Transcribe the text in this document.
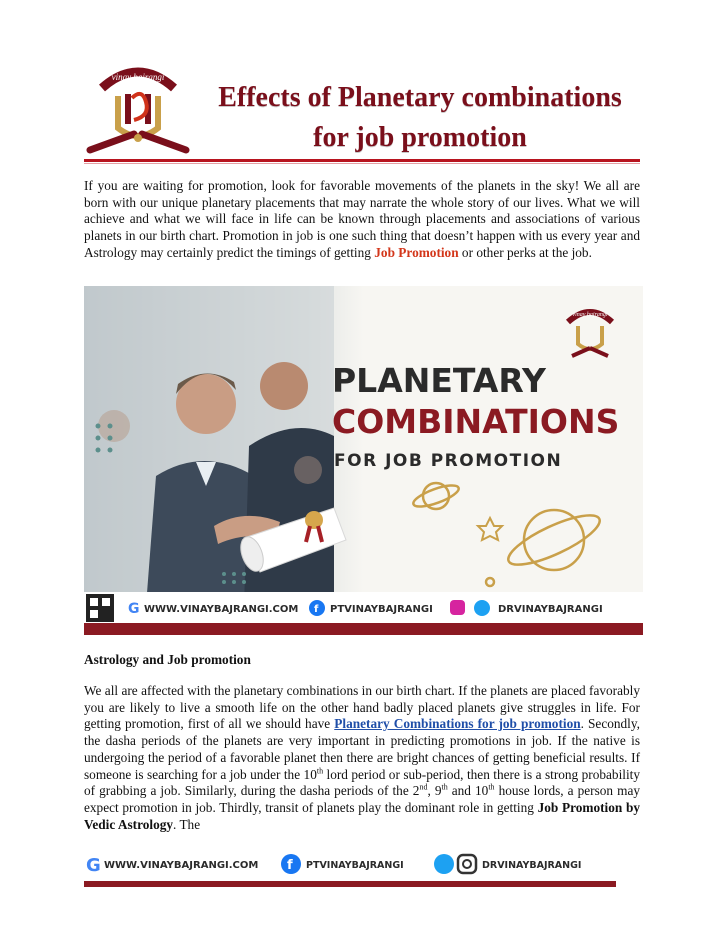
vinay bajrangi
Effects of Planetary combinations
for job promotion

If you are waiting for promotion, look for favorable movements of the planets in the sky! We all are born with our unique planetary placements that may narrate the whole story of our lives. What we will achieve and what we will face in life can be known through placements and associations of various planets in our birth chart. Promotion in job is one such thing that doesn’t happen with us every year and Astrology may certainly predict the timings of getting Job Promotion or other perks at the job.

vinay bajrangi
PLANETARY
COMBINATIONS
FOR JOB PROMOTION
G WWW.VINAYBAJRANGI.COM f PTVINAYBAJRANGI	DRVINAYBAJRANGI
Astrology and Job promotion

We all are affected with the planetary combinations in our birth chart. If the planets are placed favorably you are likely to live a smooth life on the other hand badly placed planets give struggles in life. For getting promotion, first of all we should have Planetary Combinations for job promotion. Secondly, the dasha periods of the planets are very important in predicting promotions in job. If the native is undergoing the period of a favorable planet then there are bright chances of getting beneficial results. If someone is searching for a job under the 10th lord period or sub-period, then there is a strong probability of grabbing a job. Similarly, during the dasha periods of the 2nd, 9th and 10th house lords, a person may expect promotion in job. Thirdly, transit of planets play the dominant role in getting Job Promotion by Vedic Astrology. The

G WWW.VINAYBAJRANGI.COM f PTVINAYBAJRANGI	DRVINAYBAJRANGI
